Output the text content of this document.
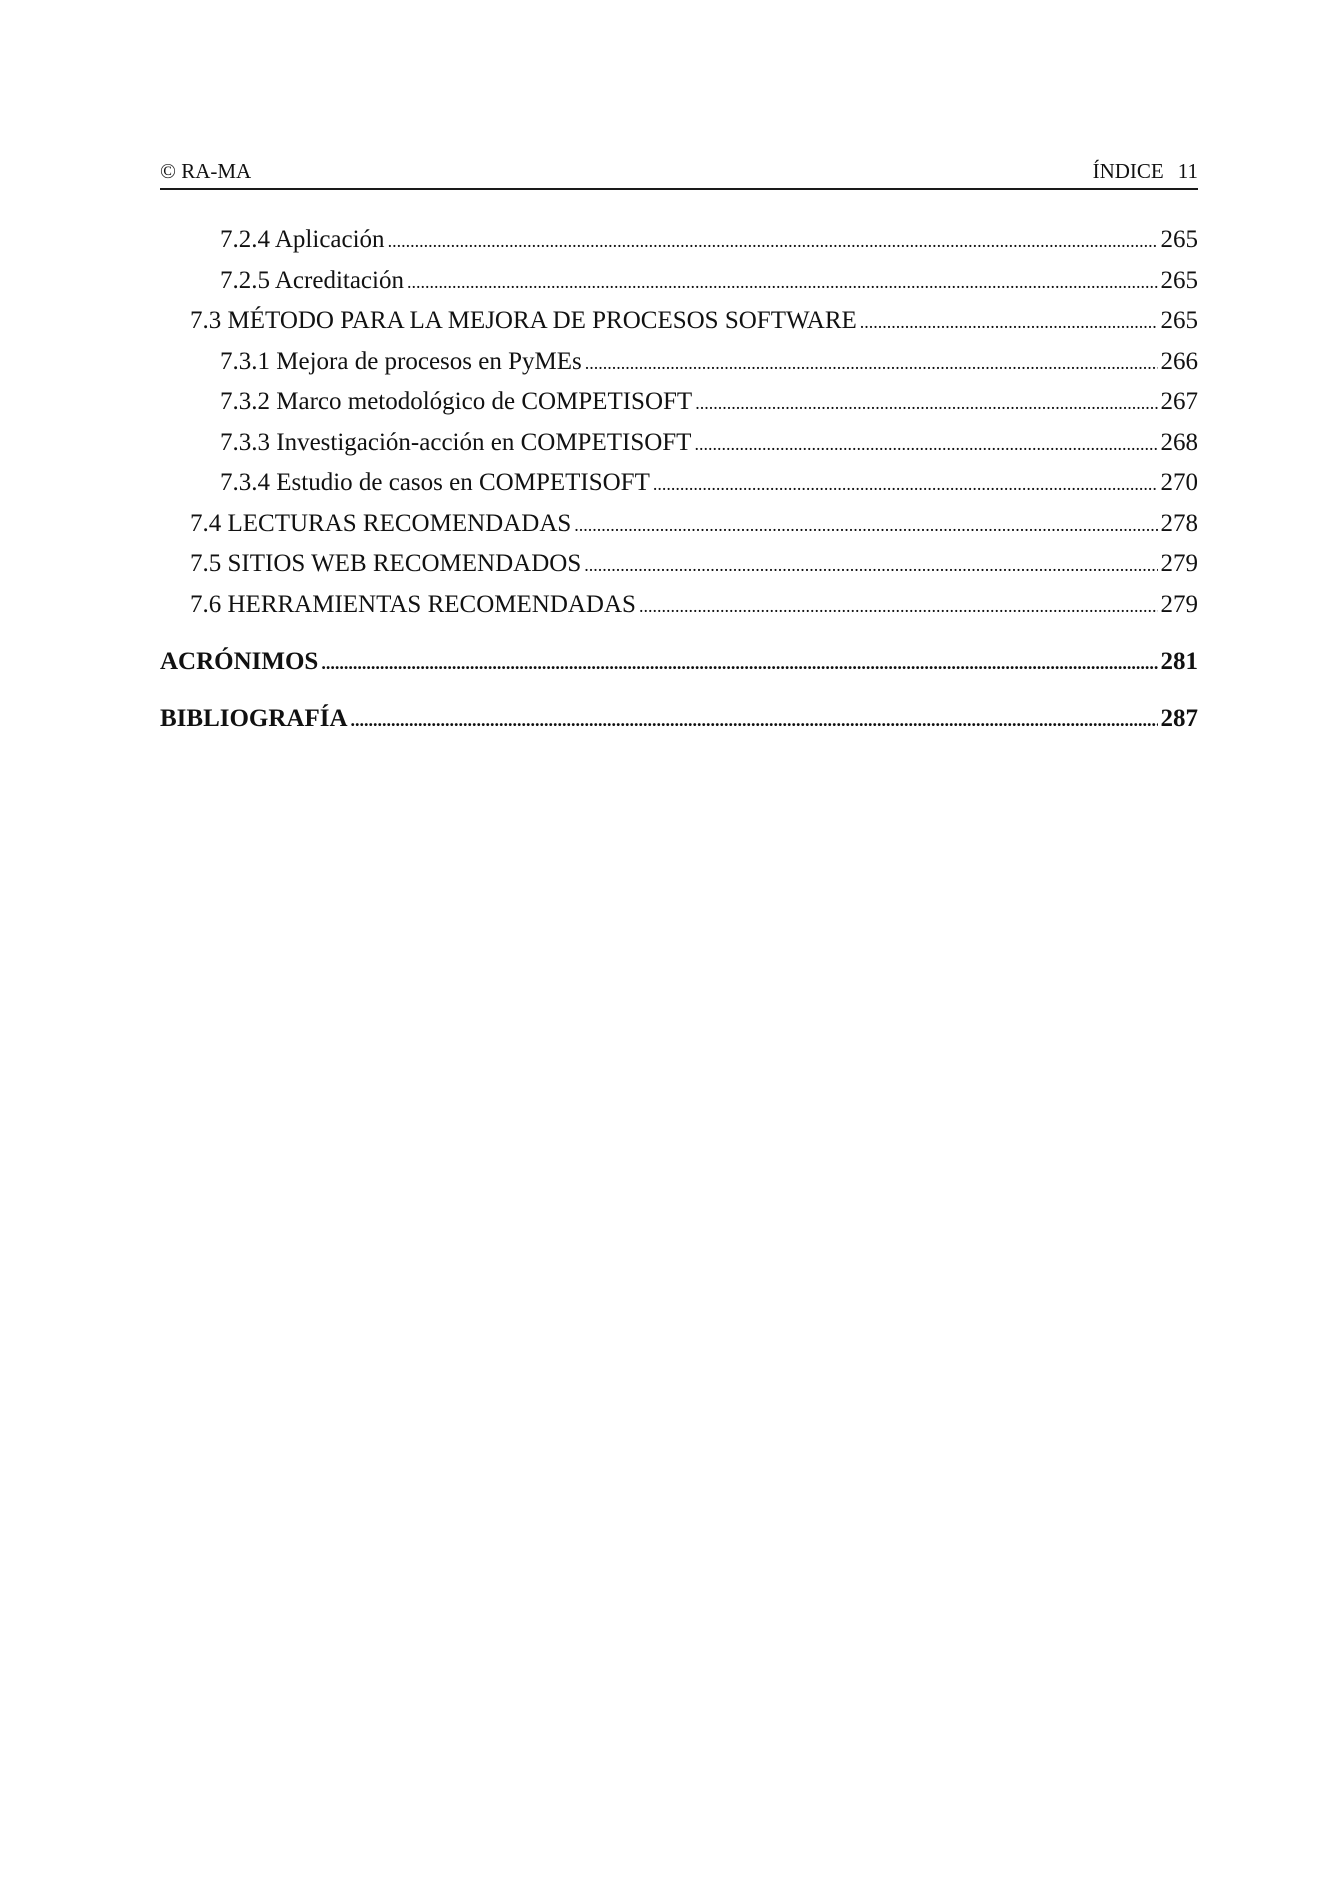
© RA-MA	ÍNDICE 11
7.2.4 Aplicación .....	265
7.2.5 Acreditación .....	265
7.3 MÉTODO PARA LA MEJORA DE PROCESOS SOFTWARE .....	265
7.3.1 Mejora de procesos en PyMEs .....	266
7.3.2 Marco metodológico de COMPETISOFT .....	267
7.3.3 Investigación-acción en COMPETISOFT .....	268
7.3.4 Estudio de casos en COMPETISOFT .....	270
7.4 LECTURAS RECOMENDADAS .....	278
7.5 SITIOS WEB RECOMENDADOS .....	279
7.6 HERRAMIENTAS RECOMENDADAS .....	279
ACRÓNIMOS .....	281
BIBLIOGRAFÍA .....	287
